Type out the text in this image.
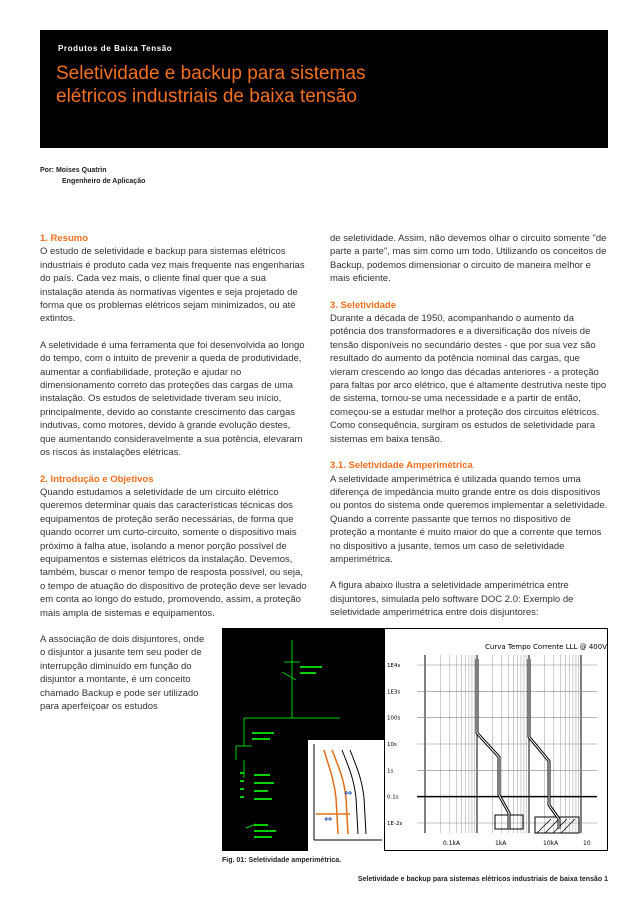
Produtos de Baixa Tensão
Seletividade e backup para sistemas
elétricos industriais de baixa tensão
Por: Moises Quatrin
Engenheiro de Aplicação
1. Resumo

O estudo de seletividade e backup para sistemas elétricos industriais é produto cada vez mais frequente nas engenharias do país. Cada vez mais, o cliente final quer que a sua instalação atenda às normativas vigentes e seja projetado de forma que os problemas elétricos sejam minimizados, ou até extintos.

A seletividade é uma ferramenta que foi desenvolvida ao longo do tempo, com o intuito de prevenir a queda de produtividade, aumentar a confiabilidade, proteção e ajudar no dimensionamento correto das proteções das cargas de uma instalação. Os estudos de seletividade tiveram seu início, principalmente, devido ao constante crescimento das cargas indutivas, como motores, devido à grande evolução destes, que aumentando consideravelmente a sua potência, elevaram os riscos às instalações elétricas.

2. Introdução e Objetivos

Quando estudamos a seletividade de um circuito elétrico queremos determinar quais das características técnicas dos equipamentos de proteção serão necessárias, de forma que quando ocorrer um curto-circuito, somente o dispositivo mais próximo à falha atue, isolando a menor porção possível de equipamentos e sistemas elétricos da instalação. Devemos, também, buscar o menor tempo de resposta possível, ou seja, o tempo de atuação do dispositivo de proteção deve ser levado em conta ao longo do estudo, promovendo, assim, a proteção mais ampla de sistemas e equipamentos.

A associação de dois disjuntores, onde o disjuntor a jusante tem seu poder de interrupção diminuído em função do disjuntor a montante, é um conceito chamado Backup e pode ser utilizado para aperfeiçoar os estudos

de seletividade. Assim, não devemos olhar o circuito somente "de parte a parte", mas sim como um todo. Utilizando os conceitos de Backup, podemos dimensionar o circuito de maneira melhor e mais eficiente.

3. Seletividade

Durante a década de 1950, acompanhando o aumento da potência dos transformadores e a diversificação dos níveis de tensão disponíveis no secundário destes - que por sua vez são resultado do aumento da potência nominal das cargas, que vieram crescendo ao longo das décadas anteriores - a proteção para faltas por arco elétrico, que é altamente destrutiva neste tipo de sistema, tornou-se uma necessidade e a partir de então, começou-se a estudar melhor a proteção dos circuitos elétricos. Como consequência, surgiram os estudos de seletividade para sistemas em baixa tensão.

3.1. Seletividade Amperimétrica

A seletividade amperimétrica é utilizada quando temos uma diferença de impedância muito grande entre os dois dispositivos ou pontos do sistema onde queremos implementar a seletividade. Quando a corrente passante que temos no dispositivo de proteção a montante é muito maior do que a corrente que temos no dispositivo a jusante, temos um caso de seletividade amperimétrica.

A figura abaixo ilustra a seletividade amperimétrica entre disjuntores, simulada pelo software DOC 2.0: Exemplo de seletividade amperimétrica entre dois disjuntores:

⇔
⇔
1E4s
1E3s
100s
10s
1s
0.1s
1E-2s
0.1kA	1kA	10kA	10
Curva Tempo Corrente LLL @ 400V
Fig. 01: Seletividade amperimétrica.
Seletividade e backup para sistemas elétricos industriais de baixa tensão 1
